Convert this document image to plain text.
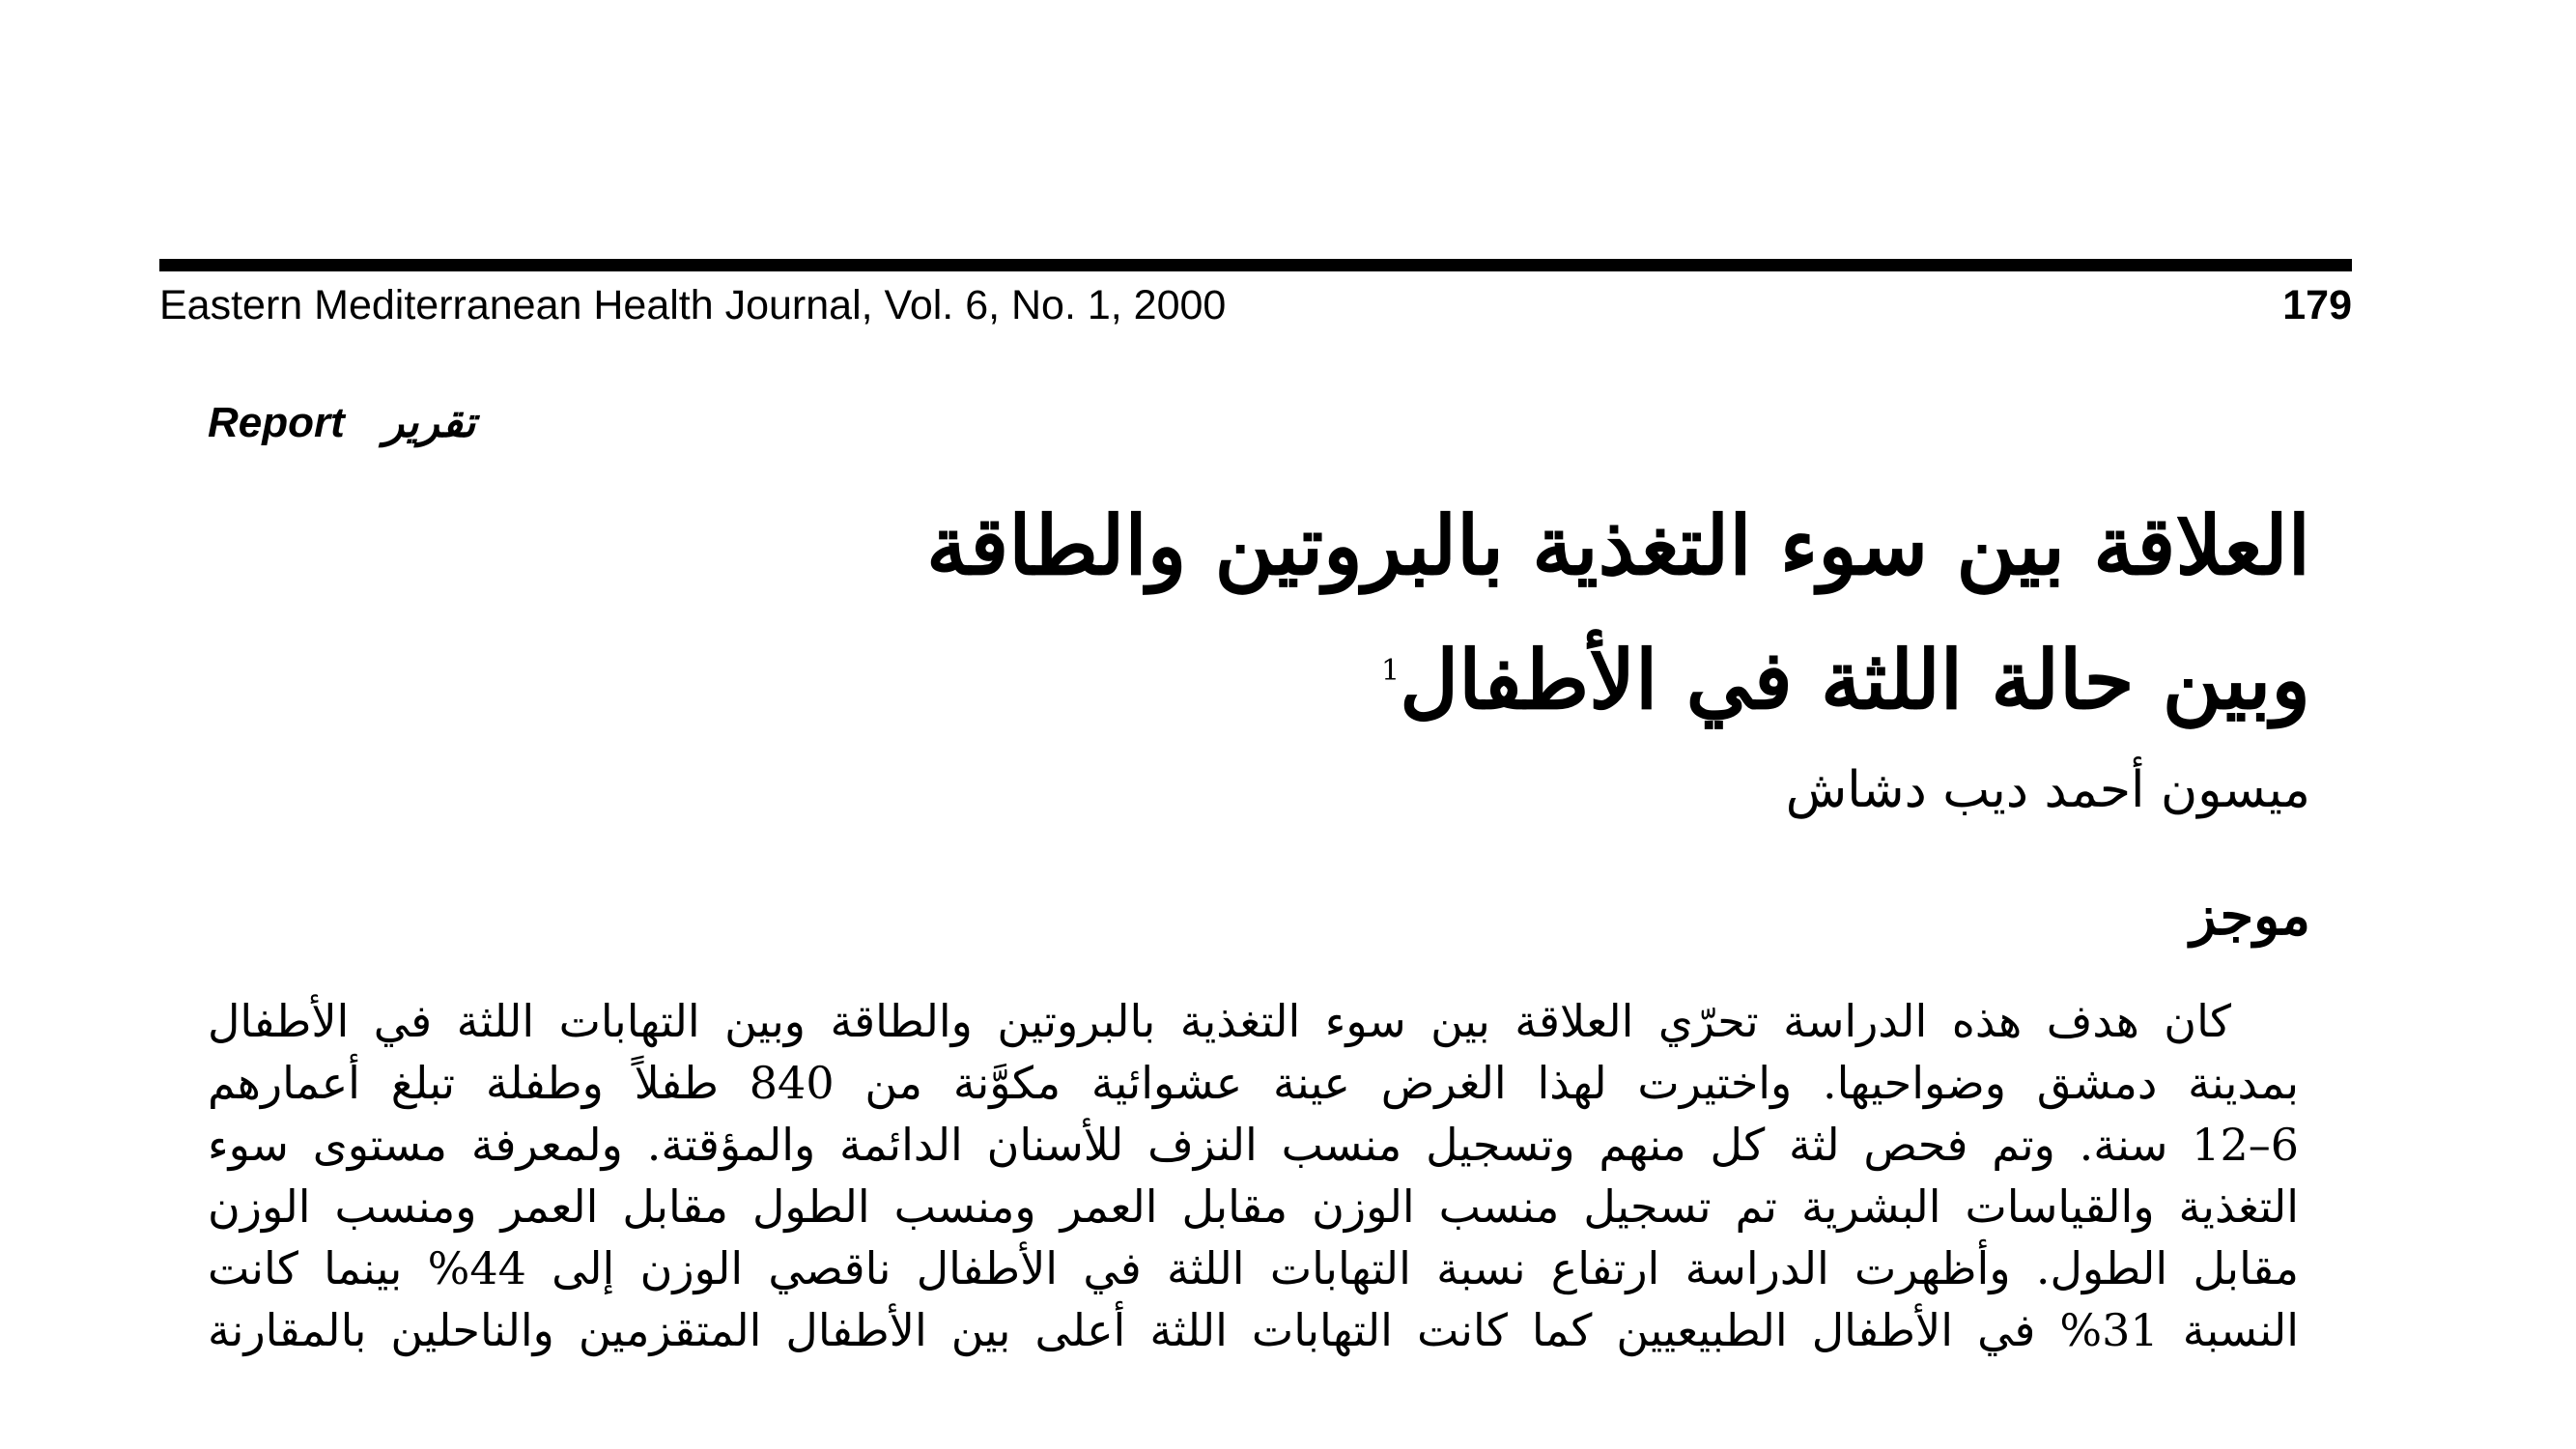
Eastern Mediterranean Health Journal, Vol. 6, No. 1, 2000	179
Report تقرير
العلاقة بين سوء التغذية بالبروتين والطاقة
وبين حالة اللثة في الأطفال$^1$
ميسون أحمد ديب دشاش
موجز
كان هدف هذه الدراسة تحرّي العلاقة بين سوء التغذية بالبروتين والطاقة وبين التهابات اللثة في الأطفال
بمدينة دمشق وضواحيها. واختيرت لهذا الغرض عينة عشوائية مكوَّنة من 840 طفلاً وطفلة تبلغ أعمارهم
6–12 سنة. وتم فحص لثة كل منهم وتسجيل منسب النزف للأسنان الدائمة والمؤقتة. ولمعرفة مستوى سوء
التغذية والقياسات البشرية تم تسجيل منسب الوزن مقابل العمر ومنسب الطول مقابل العمر ومنسب الوزن
مقابل الطول. وأظهرت الدراسة ارتفاع نسبة التهابات اللثة في الأطفال ناقصي الوزن إلى 44% بينما كانت
النسبة 31% في الأطفال الطبيعيين كما كانت التهابات اللثة أعلى بين الأطفال المتقزمين والناحلين بالمقارنة
